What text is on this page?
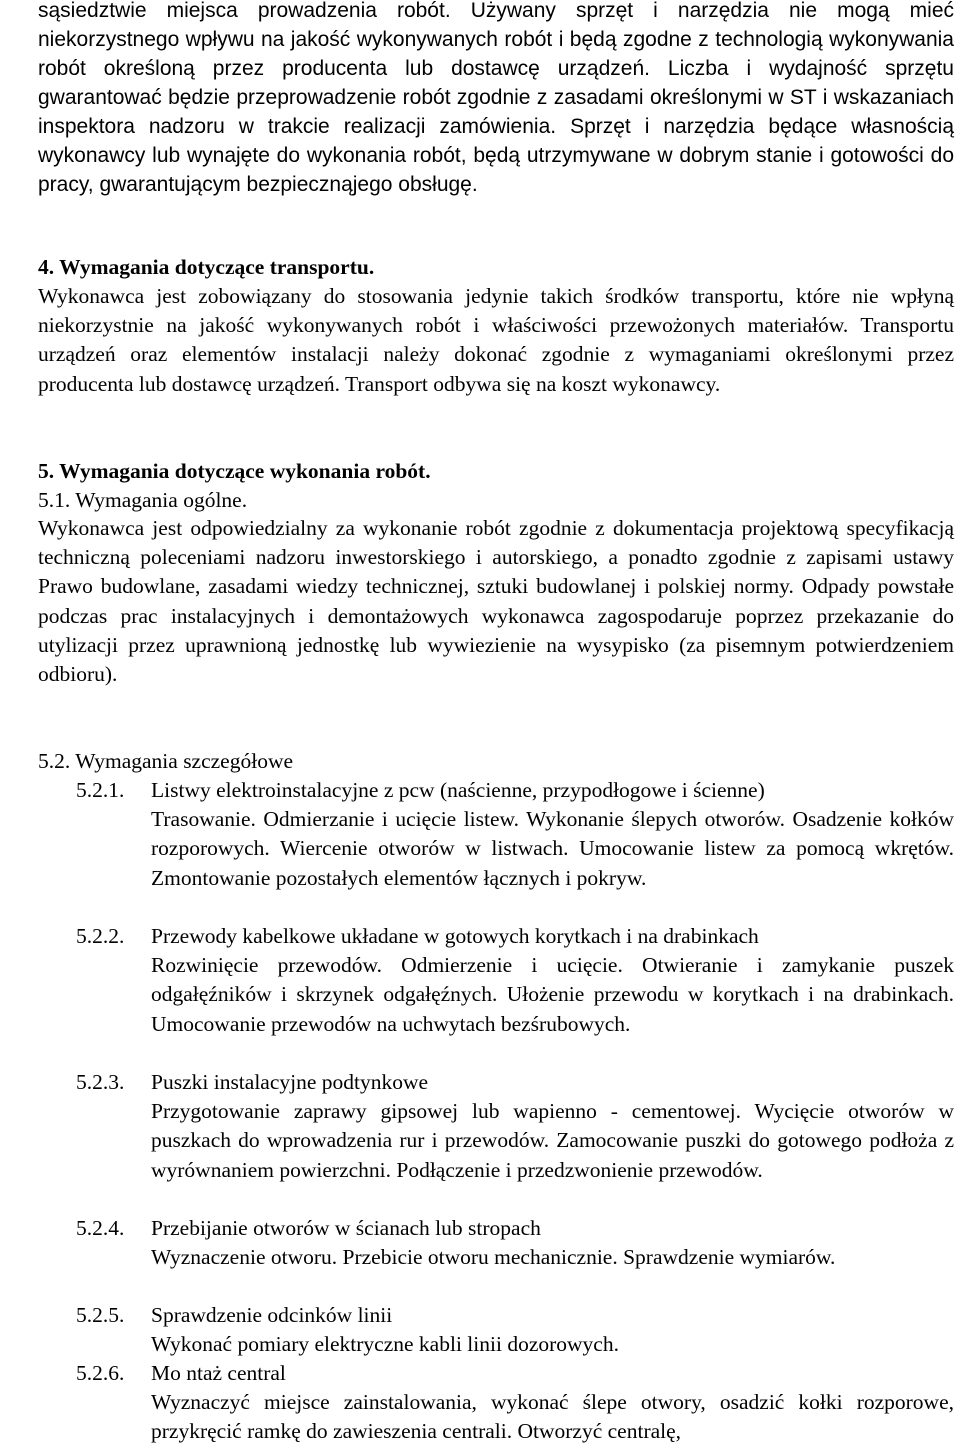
sąsiedztwie miejsca prowadzenia robót. Używany sprzęt i narzędzia nie mogą mieć niekorzystnego wpływu na jakość wykonywanych robót i będą zgodne z technologią wykonywania robót określoną przez producenta lub dostawcę urządzeń. Liczba i wydajność sprzętu gwarantować będzie przeprowadzenie robót zgodnie z zasadami określonymi w ST i wskazaniach inspektora nadzoru w trakcie realizacji zamówienia. Sprzęt i narzędzia będące własnością wykonawcy lub wynajęte do wykonania robót, będą utrzymywane w dobrym stanie i gotowości do pracy, gwarantującym bezpiecznąjego obsługę.

4. Wymagania dotyczące transportu.

Wykonawca jest zobowiązany do stosowania jedynie takich środków transportu, które nie wpłyną niekorzystnie na jakość wykonywanych robót i właściwości przewożonych materiałów. Transportu urządzeń oraz elementów instalacji należy dokonać zgodnie z wymaganiami określonymi przez producenta lub dostawcę urządzeń. Transport odbywa się na koszt wykonawcy.

5. Wymagania dotyczące wykonania robót.

5.1. Wymagania ogólne.

Wykonawca jest odpowiedzialny za wykonanie robót zgodnie z dokumentacja projektową specyfikacją techniczną poleceniami nadzoru inwestorskiego i autorskiego, a ponadto zgodnie z zapisami ustawy Prawo budowlane, zasadami wiedzy technicznej, sztuki budowlanej i polskiej normy. Odpady powstałe podczas prac instalacyjnych i demontażowych wykonawca zagospodaruje poprzez przekazanie do utylizacji przez uprawnioną jednostkę lub wywiezienie na wysypisko (za pisemnym potwierdzeniem odbioru).

5.2. Wymagania szczegółowe

5.2.1. Listwy elektroinstalacyjne z pcw (naścienne, przypodłogowe i ścienne)

Trasowanie. Odmierzanie i ucięcie listew. Wykonanie ślepych otworów. Osadzenie kołków rozporowych. Wiercenie otworów w listwach. Umocowanie listew za pomocą wkrętów. Zmontowanie pozostałych elementów łącznych i pokryw.

5.2.2. Przewody kabelkowe układane w gotowych korytkach i na drabinkach

Rozwinięcie przewodów. Odmierzenie i ucięcie. Otwieranie i zamykanie puszek odgałęźników i skrzynek odgałęźnych. Ułożenie przewodu w korytkach i na drabinkach. Umocowanie przewodów na uchwytach bezśrubowych.

5.2.3. Puszki instalacyjne podtynkowe

Przygotowanie zaprawy gipsowej lub wapienno - cementowej. Wycięcie otworów w puszkach do wprowadzenia rur i przewodów. Zamocowanie puszki do gotowego podłoża z wyrównaniem powierzchni. Podłączenie i przedzwonienie przewodów.

5.2.4. Przebijanie otworów w ścianach lub stropach

Wyznaczenie otworu. Przebicie otworu mechanicznie. Sprawdzenie wymiarów.

5.2.5. Sprawdzenie odcinków linii

Wykonać pomiary elektryczne kabli linii dozorowych.

5.2.6. Mo ntaż central

Wyznaczyć miejsce zainstalowania, wykonać ślepe otwory, osadzić kołki rozporowe, przykręcić ramkę do zawieszenia centrali. Otworzyć centralę,
